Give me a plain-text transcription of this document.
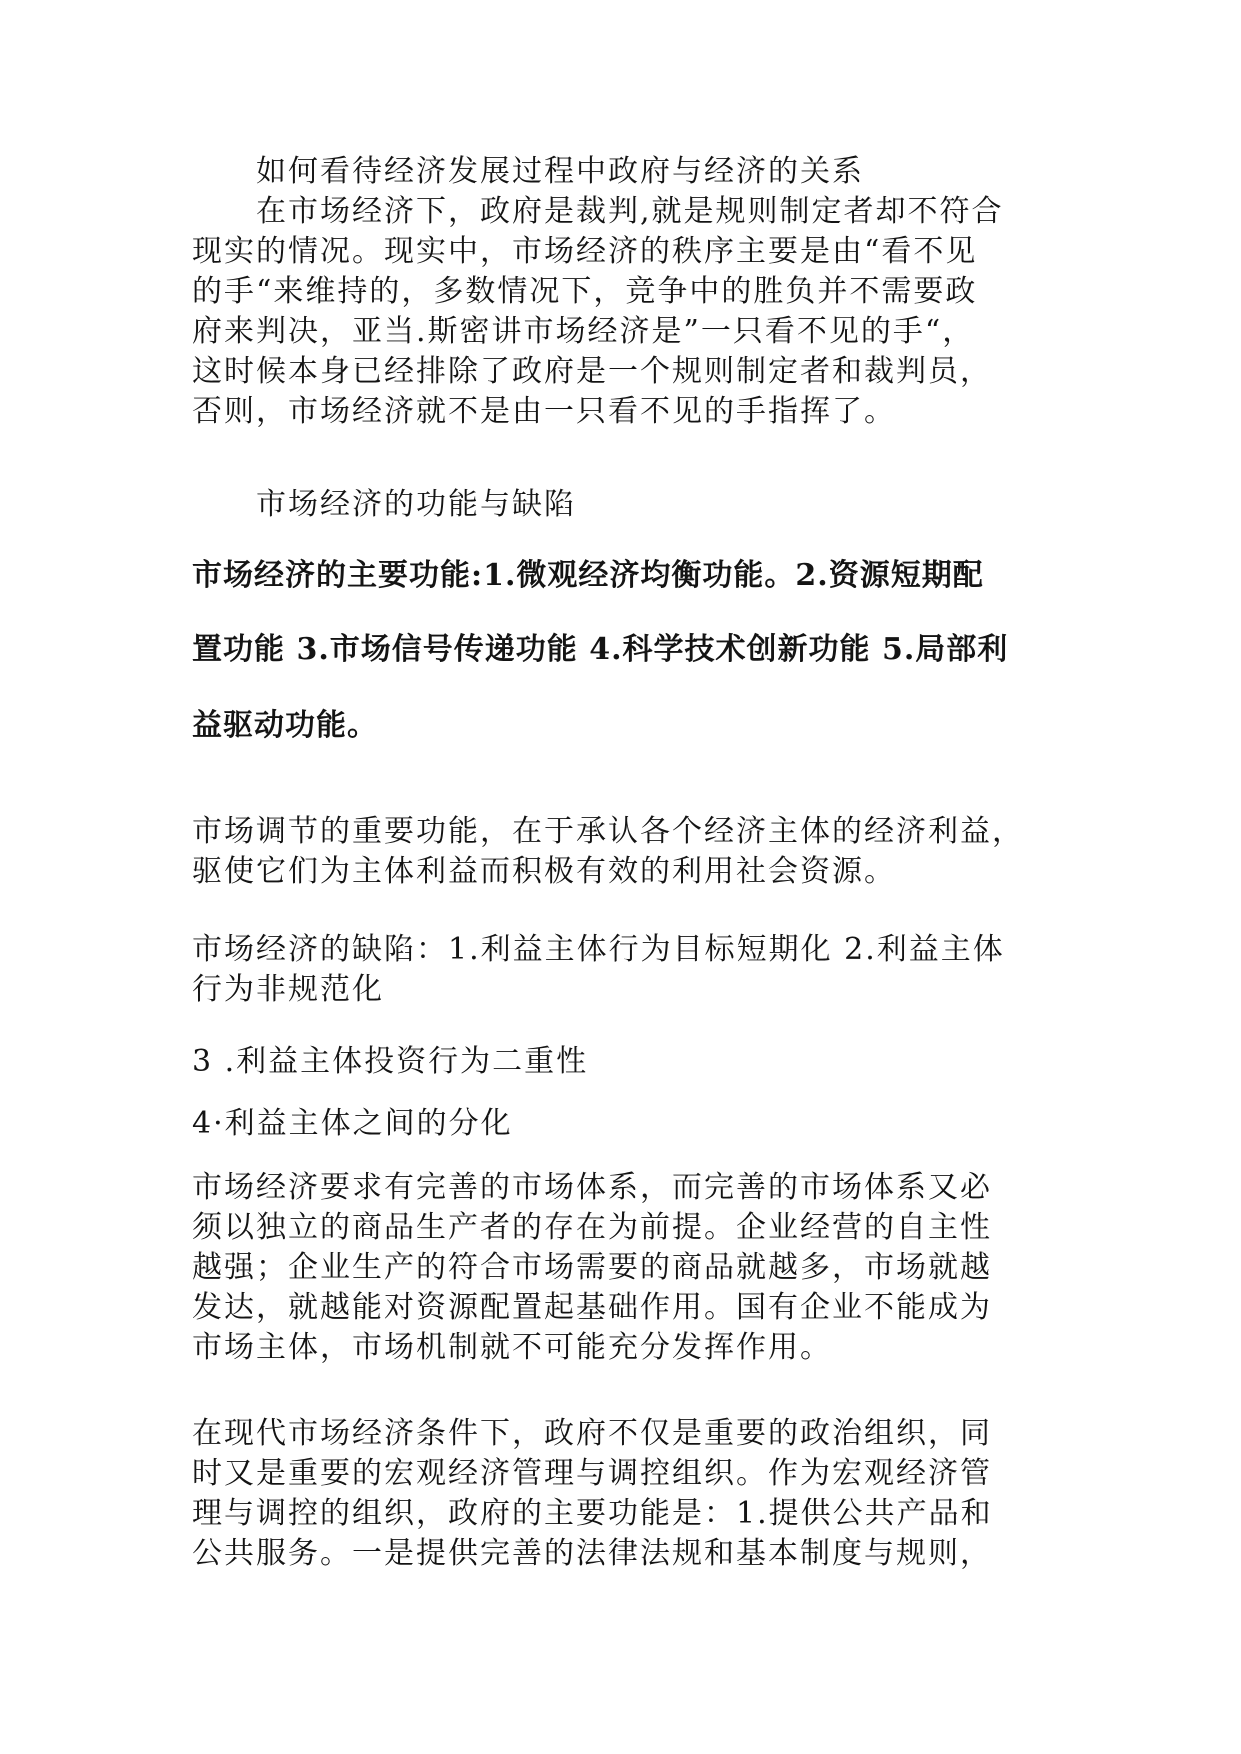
如何看待经济发展过程中政府与经济的关系

在市场经济下，政府是裁判,就是规则制定者却不符合
现实的情况。现实中，市场经济的秩序主要是由“看不见
的手“来维持的，多数情况下，竞争中的胜负并不需要政
府来判决，亚当.斯密讲市场经济是”一只看不见的手“，
这时候本身已经排除了政府是一个规则制定者和裁判员，
否则，市场经济就不是由一只看不见的手指挥了。

市场经济的功能与缺陷

市场经济的主要功能:1.微观经济均衡功能。2.资源短期配

置功能 3.市场信号传递功能 4.科学技术创新功能 5.局部利

益驱动功能。

市场调节的重要功能，在于承认各个经济主体的经济利益，
驱使它们为主体利益而积极有效的利用社会资源。

市场经济的缺陷：1.利益主体行为目标短期化 2.利益主体
行为非规范化

3 .利益主体投资行为二重性

4·利益主体之间的分化

市场经济要求有完善的市场体系，而完善的市场体系又必
须以独立的商品生产者的存在为前提。企业经营的自主性
越强；企业生产的符合市场需要的商品就越多，市场就越
发达，就越能对资源配置起基础作用。国有企业不能成为
市场主体，市场机制就不可能充分发挥作用。

在现代市场经济条件下，政府不仅是重要的政治组织，同
时又是重要的宏观经济管理与调控组织。作为宏观经济管
理与调控的组织，政府的主要功能是：1.提供公共产品和
公共服务。一是提供完善的法律法规和基本制度与规则，
